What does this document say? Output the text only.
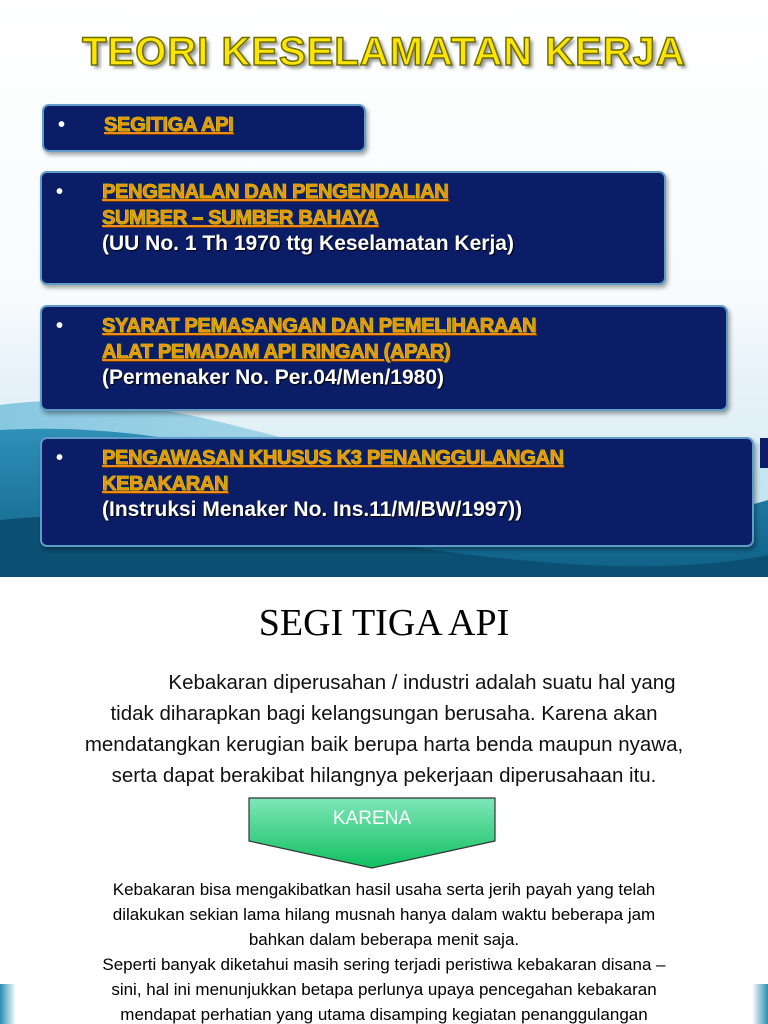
TEORI KESELAMATAN KERJA
• SEGITIGA API
• PENGENALAN DAN PENGENDALIAN
SUMBER – SUMBER BAHAYA
(UU No. 1 Th 1970 ttg Keselamatan Kerja)
• SYARAT PEMASANGAN DAN PEMELIHARAAN
ALAT PEMADAM API RINGAN (APAR)
(Permenaker No. Per.04/Men/1980)
• PENGAWASAN KHUSUS K3 PENANGGULANGAN
KEBAKARAN
(Instruksi Menaker No. Ins.11/M/BW/1997))
SEGI TIGA API
Kebakaran diperusahan / industri adalah suatu hal yang
tidak diharapkan bagi kelangsungan berusaha. Karena akan
mendatangkan kerugian baik berupa harta benda maupun nyawa,
serta dapat berakibat hilangnya pekerjaan diperusahaan itu.
KARENA
Kebakaran bisa mengakibatkan hasil usaha serta jerih payah yang telah
dilakukan sekian lama hilang musnah hanya dalam waktu beberapa jam
bahkan dalam beberapa menit saja.
Seperti banyak diketahui masih sering terjadi peristiwa kebakaran disana –
sini, hal ini menunjukkan betapa perlunya upaya pencegahan kebakaran
mendapat perhatian yang utama disamping kegiatan penanggulangan
